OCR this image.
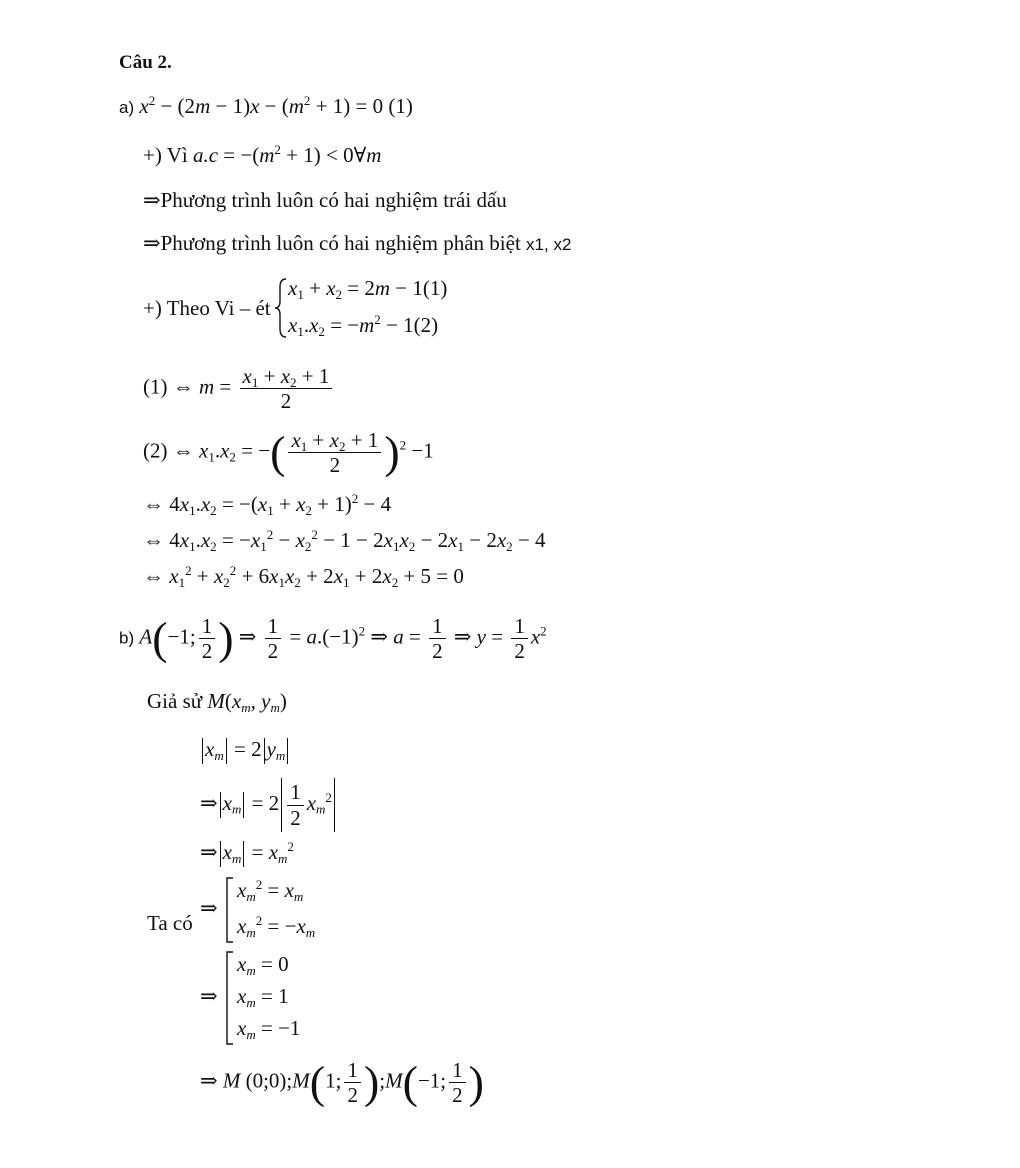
Câu 2.
a) $x^2 - (2m - 1)x - (m^2 + 1) = 0$ (1)
+) Vì $a.c = -(m^2 + 1)$ < 0∀m
⇒Phương trình luôn có hai nghiệm trái dấu
⇒Phương trình luôn có hai nghiệm phân biệt x1, x2
+) Theo Vi – ét
$x_1 + x_2 = 2m - 1(1)$
$x_1.x_2 = -m^2 - 1(2)$
(1) ⇔ $m = \frac{x_1 + x_2 + 1}{2}$
(2) ⇔ $x_1.x_2$ = −( $\frac{x_1 + x_2 + 1}{2} )^2 -1$
⇔ $4x_1.x_2 = -(x_1 + x_2 + 1)^2 - 4$
⇔ $4x_1.x_2 = -x_1^2 - x_2^2 - 1 - 2x_1x_2 - 2x_1 - 2x_2 - 4$
⇔ $x_1^2 + x_2^2 + 6x_1x_2 + 2x_1 + 2x_2 + 5 = 0$
b) A(−1; $\frac{1}{2}$ ) ⇒ $\frac{1}{2} = a.(-1)^2$ ⇒ $a = \frac{1}{2}$ ⇒ $y = \frac{1}{2} x^2$
Giả sử $M(x_m$, $y_m$)
$x_m = 2$ $y_m$
⇒ $x_m = 2 \frac{1}{2} x_m^2$
⇒ $x_m = x_m^2$
Ta có
⇒
$x_m^2 = x_m$
$x_m^2 = -x_m$
⇒
$x_m = 0$
$x_m = 1$
$x_m = -1$
⇒ M (0;0);M(1; $\frac{1}{2}$ );M(−1; $\frac{1}{2}$ )
